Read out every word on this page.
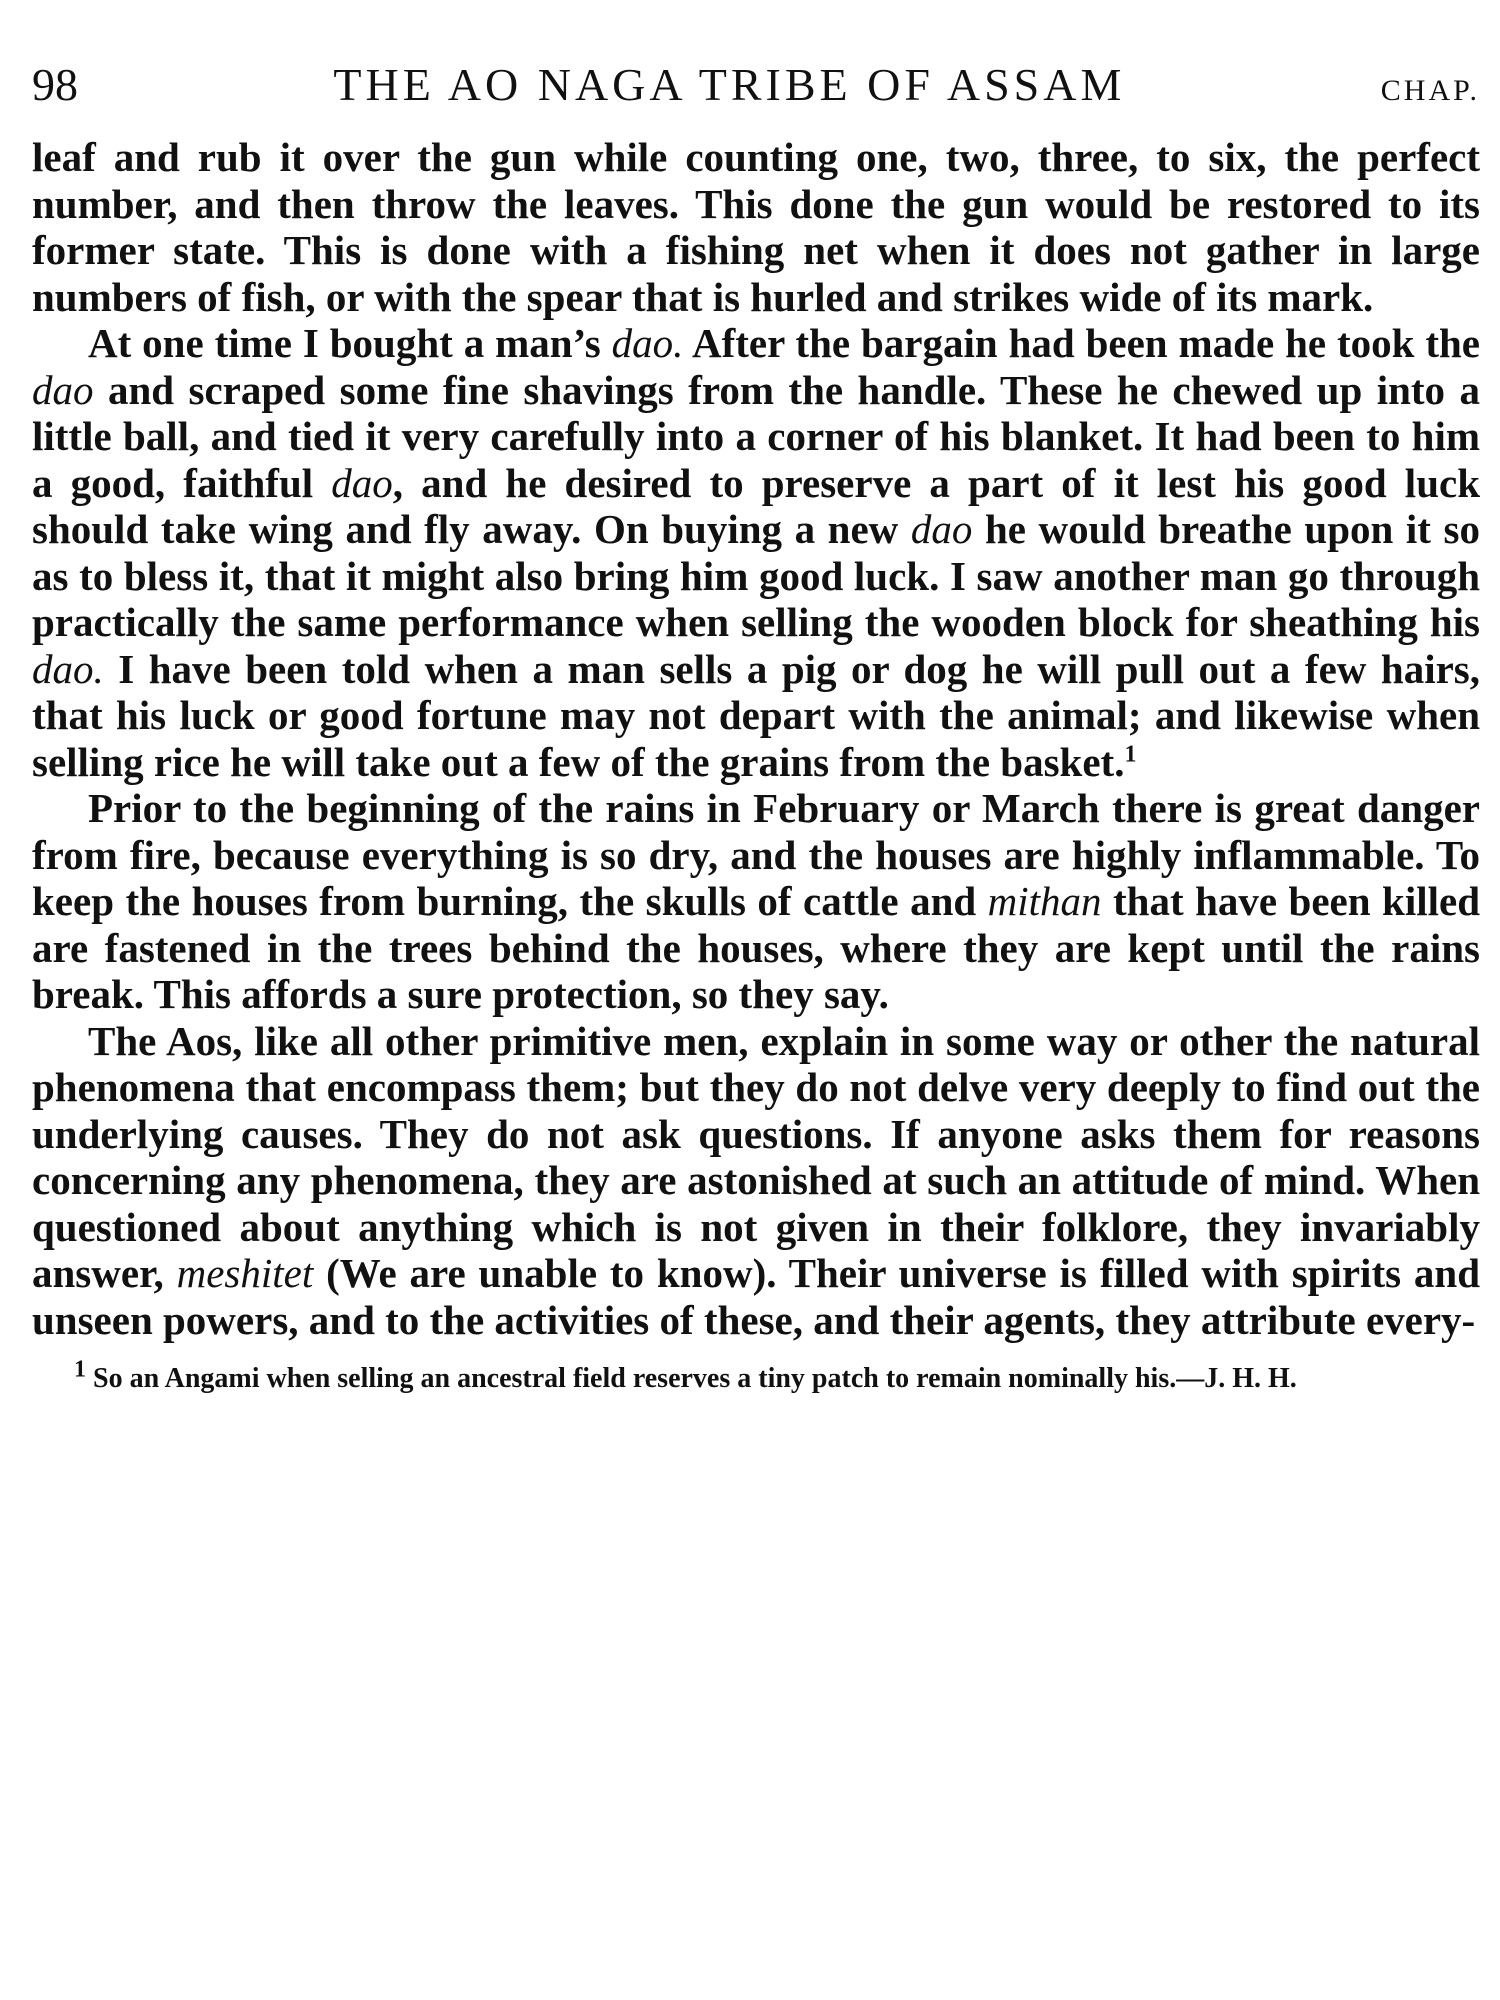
98	THE AO NAGA TRIBE OF ASSAM	CHAP.

leaf and rub it over the gun while counting one, two, three, to six, the perfect number, and then throw the leaves. This done the gun would be restored to its former state. This is done with a fishing net when it does not gather in large numbers of fish, or with the spear that is hurled and strikes wide of its mark.

At one time I bought a man’s dao. After the bargain had been made he took the dao and scraped some fine shavings from the handle. These he chewed up into a little ball, and tied it very carefully into a corner of his blanket. It had been to him a good, faithful dao, and he desired to preserve a part of it lest his good luck should take wing and fly away. On buying a new dao he would breathe upon it so as to bless it, that it might also bring him good luck. I saw another man go through practically the same performance when selling the wooden block for sheathing his dao. I have been told when a man sells a pig or dog he will pull out a few hairs, that his luck or good fortune may not depart with the animal; and likewise when selling rice he will take out a few of the grains from the basket.$^1$

Prior to the beginning of the rains in February or March there is great danger from fire, because everything is so dry, and the houses are highly inflammable. To keep the houses from burning, the skulls of cattle and mithan that have been killed are fastened in the trees behind the houses, where they are kept until the rains break. This affords a sure protection, so they say.

The Aos, like all other primitive men, explain in some way or other the natural phenomena that encompass them; but they do not delve very deeply to find out the underlying causes. They do not ask questions. If anyone asks them for reasons concerning any phenomena, they are astonished at such an attitude of mind. When questioned about anything which is not given in their folklore, they invariably answer, meshitet (We are unable to know). Their universe is filled with spirits and unseen powers, and to the activities of these, and their agents, they attribute every-

$^1$ So an Angami when selling an ancestral field reserves a tiny patch to remain nominally his.—J. H. H.
